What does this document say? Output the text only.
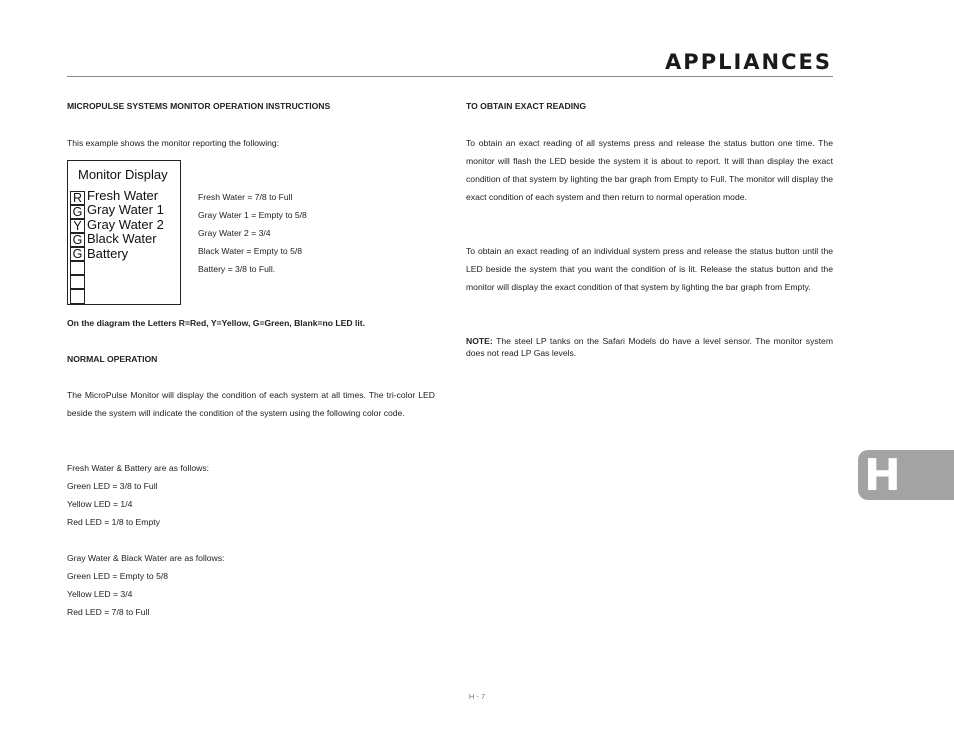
APPLIANCES
MICROPULSE SYSTEMS MONITOR OPERATION INSTRUCTIONS
This example shows the monitor reporting the following:
Monitor Display
R
G
Y
G
G
Fresh Water
Gray Water 1
Gray Water 2
Black Water
Battery
Fresh Water = 7/8 to Full
Gray Water 1 = Empty to 5/8
Gray Water 2 = 3/4
Black Water = Empty to 5/8
Battery = 3/8 to Full.
On the diagram the Letters R=Red, Y=Yellow, G=Green, Blank=no LED lit.
NORMAL OPERATION
The MicroPulse Monitor will display the condition of each system at all times. The tri-color LED beside the system will indicate the condition of the system using the following color code.
Fresh Water & Battery are as follows:
Green LED = 3/8 to Full
Yellow LED = 1/4
Red LED = 1/8 to Empty
Gray Water & Black Water are as follows:
Green LED = Empty to 5/8
Yellow LED = 3/4
Red LED = 7/8 to Full
TO OBTAIN EXACT READING
To obtain an exact reading of all systems press and release the status button one time. The monitor will flash the LED beside the system it is about to report. It will than display the exact condition of that system by lighting the bar graph from Empty to Full. The monitor will display the exact condition of each system and then return to normal operation mode.
To obtain an exact reading of an individual system press and release the status button until the LED beside the system that you want the condition of is lit. Release the status button and the monitor will display the exact condition of that system by lighting the bar graph from Empty.
NOTE: The steel LP tanks on the Safari Models do have a level sensor. The monitor system does not read LP Gas levels.
H
H - 7
